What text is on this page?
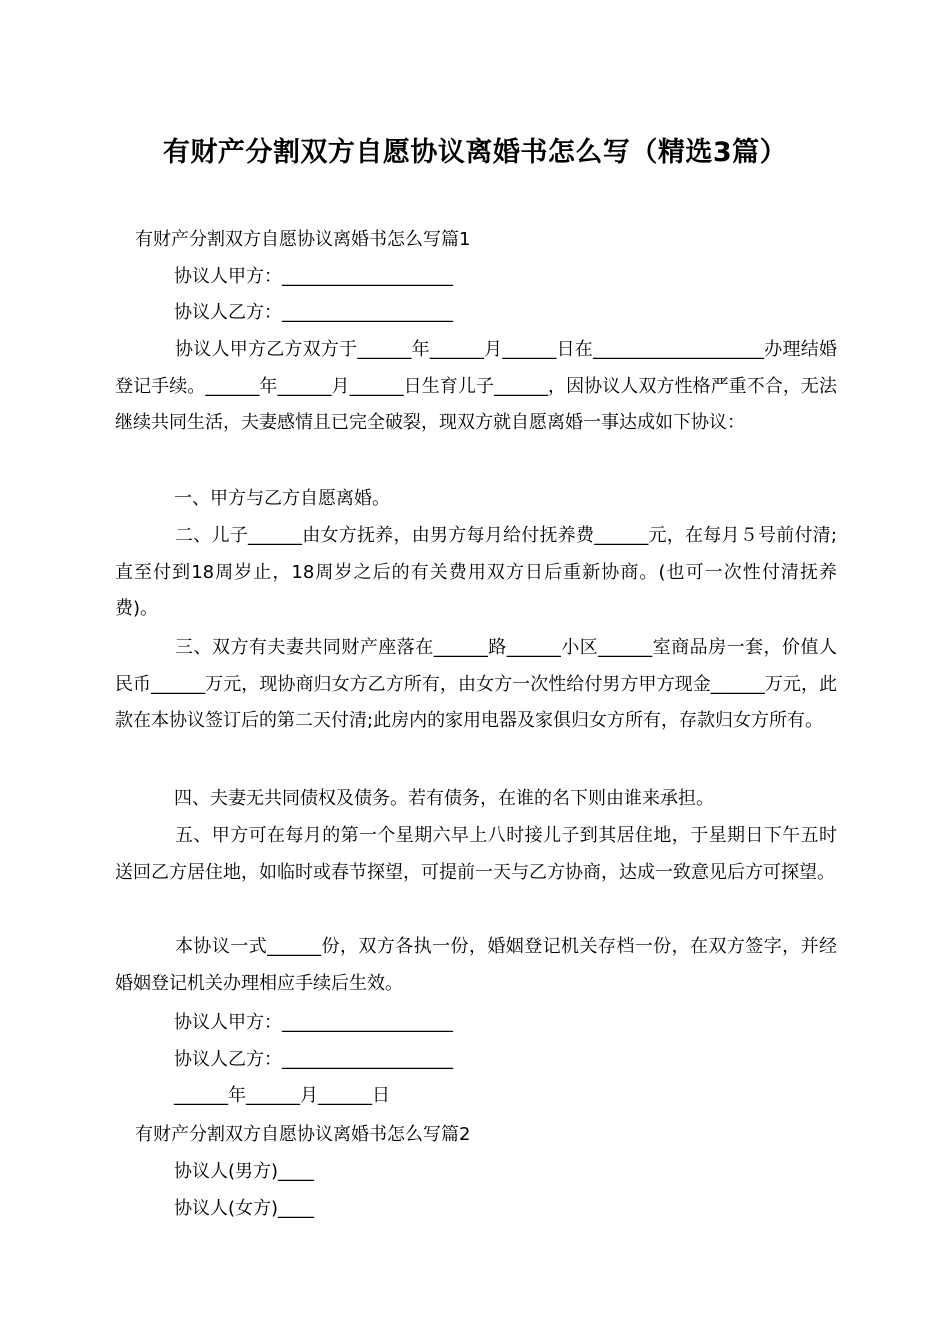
有财产分割双方自愿协议离婚书怎么写（精选3篇）
有财产分割双方自愿协议离婚书怎么写篇1
协议人甲方：___________________
协议人乙方：___________________
协议人甲方乙方双方于______年______月______日在___________________办理结婚登记手续。______年______月______日生育儿子______，因协议人双方性格严重不合，无法继续共同生活，夫妻感情且已完全破裂，现双方就自愿离婚一事达成如下协议：
一、甲方与乙方自愿离婚。
二、儿子______由女方抚养，由男方每月给付抚养费______元，在每月５号前付清;直至付到18周岁止，18周岁之后的有关费用双方日后重新协商。(也可一次性付清抚养费)。
三、双方有夫妻共同财产座落在______路______小区______室商品房一套，价值人民币______万元，现协商归女方乙方所有，由女方一次性给付男方甲方现金______万元，此款在本协议签订后的第二天付清;此房内的家用电器及家俱归女方所有，存款归女方所有。
四、夫妻无共同债权及债务。若有债务，在谁的名下则由谁来承担。
五、甲方可在每月的第一个星期六早上八时接儿子到其居住地，于星期日下午五时送回乙方居住地，如临时或春节探望，可提前一天与乙方协商，达成一致意见后方可探望。
本协议一式______份，双方各执一份，婚姻登记机关存档一份，在双方签字，并经婚姻登记机关办理相应手续后生效。
协议人甲方：___________________
协议人乙方：___________________
______年______月______日
有财产分割双方自愿协议离婚书怎么写篇2
协议人(男方)____
协议人(女方)____
